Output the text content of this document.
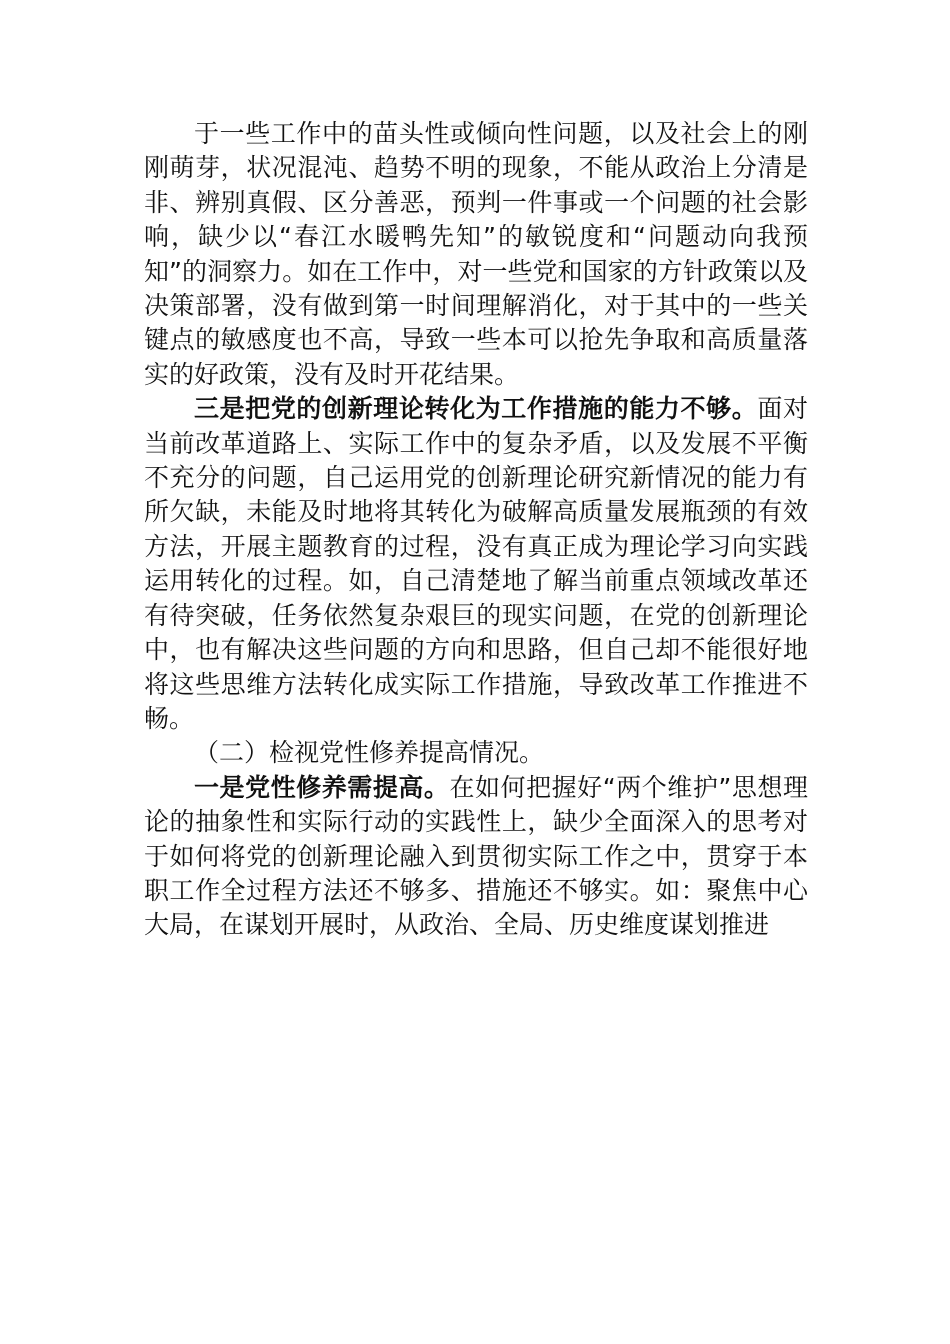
于一些工作中的苗头性或倾向性问题，以及社会上的刚刚萌芽，状况混沌、趋势不明的现象，不能从政治上分清是非、辨别真假、区分善恶，预判一件事或一个问题的社会影响，缺少以“春江水暖鸭先知”的敏锐度和“问题动向我预知”的洞察力。如在工作中，对一些党和国家的方针政策以及决策部署，没有做到第一时间理解消化，对于其中的一些关键点的敏感度也不高，导致一些本可以抢先争取和高质量落实的好政策，没有及时开花结果。

三是把党的创新理论转化为工作措施的能力不够。面对当前改革道路上、实际工作中的复杂矛盾，以及发展不平衡不充分的问题，自己运用党的创新理论研究新情况的能力有所欠缺，未能及时地将其转化为破解高质量发展瓶颈的有效方法，开展主题教育的过程，没有真正成为理论学习向实践运用转化的过程。如，自己清楚地了解当前重点领域改革还有待突破，任务依然复杂艰巨的现实问题，在党的创新理论中，也有解决这些问题的方向和思路，但自己却不能很好地将这些思维方法转化成实际工作措施，导致改革工作推进不畅。

（二）检视党性修养提高情况。

一是党性修养需提高。在如何把握好“两个维护”思想理论的抽象性和实际行动的实践性上，缺少全面深入的思考对于如何将党的创新理论融入到贯彻实际工作之中，贯穿于本职工作全过程方法还不够多、措施还不够实。如：聚焦中心大局，在谋划开展时，从政治、全局、历史维度谋划推进
